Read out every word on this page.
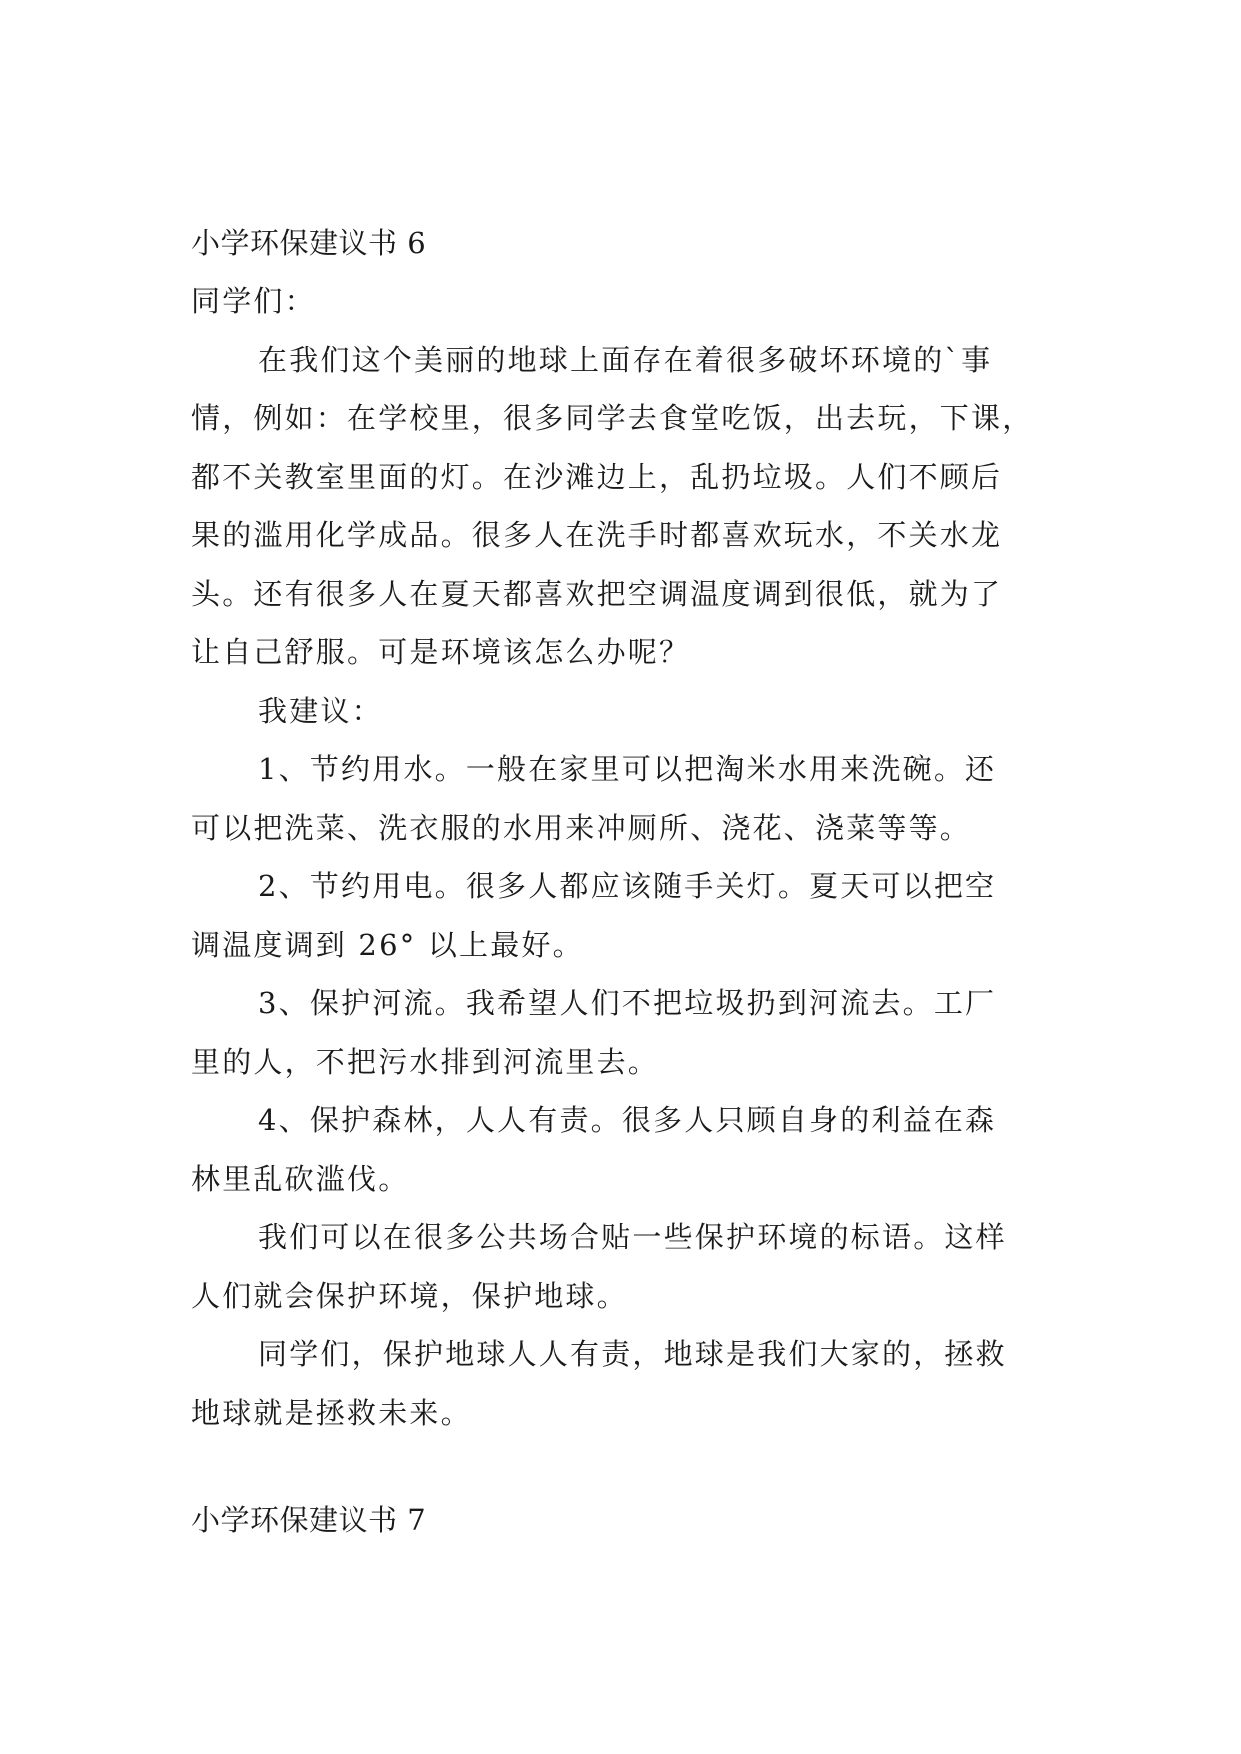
小学环保建议书 6
同学们：
在我们这个美丽的地球上面存在着很多破坏环境的`事
情，例如：在学校里，很多同学去食堂吃饭，出去玩，下课，
都不关教室里面的灯。在沙滩边上，乱扔垃圾。人们不顾后
果的滥用化学成品。很多人在洗手时都喜欢玩水，不关水龙
头。还有很多人在夏天都喜欢把空调温度调到很低，就为了
让自己舒服。可是环境该怎么办呢？
我建议：
1、节约用水。一般在家里可以把淘米水用来洗碗。还
可以把洗菜、洗衣服的水用来冲厕所、浇花、浇菜等等。
2、节约用电。很多人都应该随手关灯。夏天可以把空
调温度调到 26° 以上最好。
3、保护河流。我希望人们不把垃圾扔到河流去。工厂
里的人，不把污水排到河流里去。
4、保护森林，人人有责。很多人只顾自身的利益在森
林里乱砍滥伐。
我们可以在很多公共场合贴一些保护环境的标语。这样
人们就会保护环境，保护地球。
同学们，保护地球人人有责，地球是我们大家的，拯救
地球就是拯救未来。
小学环保建议书 7
